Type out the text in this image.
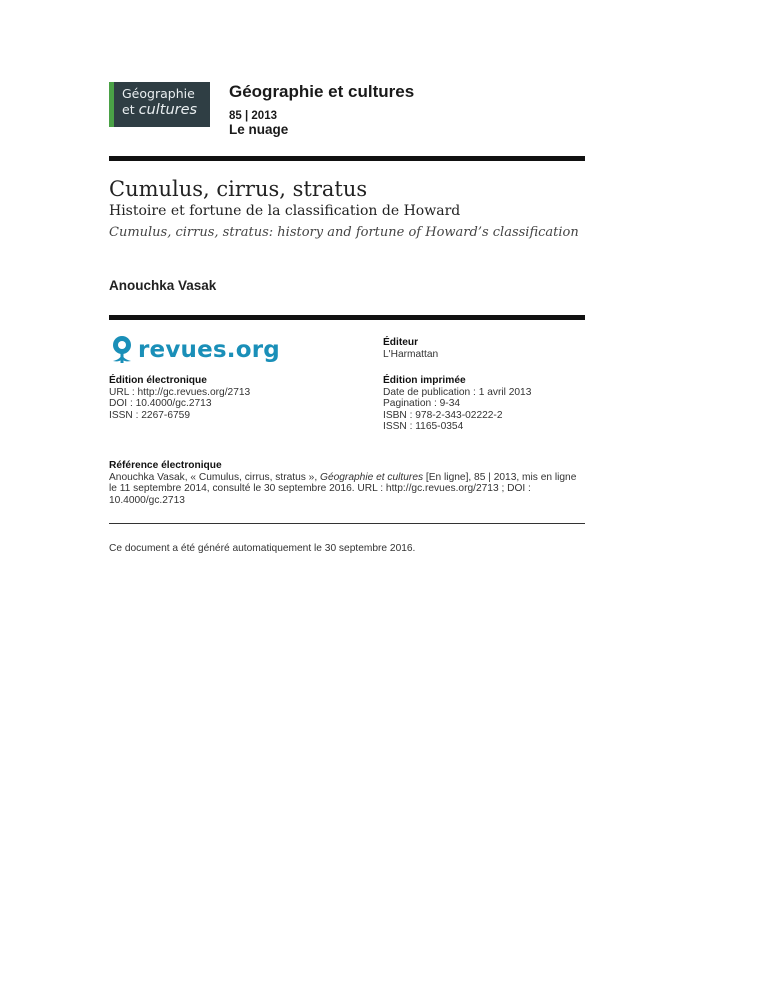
Géographie
et cultures
Géographie et cultures
85 | 2013
Le nuage
Cumulus, cirrus, stratus
Histoire et fortune de la classification de Howard
Cumulus, cirrus, stratus: history and fortune of Howard’s classification
Anouchka Vasak
revues.org	Éditeur
L'Harmattan
Édition électronique
URL : http://gc.revues.org/2713
DOI : 10.4000/gc.2713
ISSN : 2267-6759
Édition imprimée
Date de publication : 1 avril 2013
Pagination : 9-34
ISBN : 978-2-343-02222-2
ISSN : 1165-0354
Référence électronique
Anouchka Vasak, « Cumulus, cirrus, stratus », Géographie et cultures [En ligne], 85 | 2013, mis en ligne le 11 septembre 2014, consulté le 30 septembre 2016. URL : http://gc.revues.org/2713 ; DOI : 10.4000/gc.2713
Ce document a été généré automatiquement le 30 septembre 2016.
